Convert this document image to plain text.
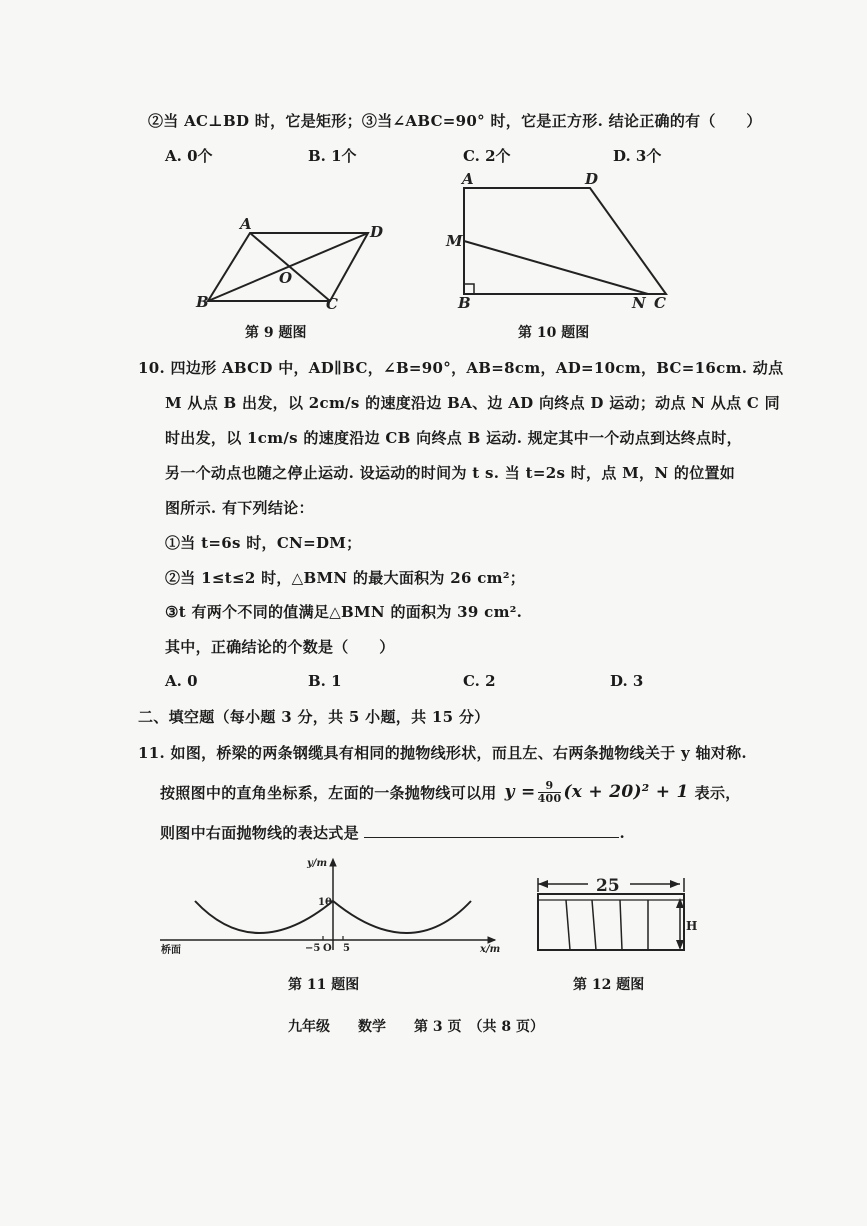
②当 AC⊥BD 时，它是矩形；③当∠ABC=90° 时，它是正方形. 结论正确的有（　　）
A. 0个	B. 1个	C. 2个	D. 3个
A	D
B	C
O
第 9 题图
A	D
M
B	N C
第 10 题图
10. 四边形 ABCD 中，AD∥BC，∠B=90°，AB=8cm，AD=10cm，BC=16cm. 动点
M 从点 B 出发，以 2cm/s 的速度沿边 BA、边 AD 向终点 D 运动；动点 N 从点 C 同
时出发，以 1cm/s 的速度沿边 CB 向终点 B 运动. 规定其中一个动点到达终点时，
另一个动点也随之停止运动. 设运动的时间为 t s. 当 t=2s 时，点 M，N 的位置如
图所示. 有下列结论：
①当 t=6s 时，CN=DM；
②当 1≤t≤2 时，△BMN 的最大面积为 26 cm²；
③t 有两个不同的值满足△BMN 的面积为 39 cm².
其中，正确结论的个数是（　　）
A. 0	B. 1	C. 2	D. 3
二、填空题（每小题 3 分，共 5 小题，共 15 分）
11. 如图，桥梁的两条钢缆具有相同的抛物线形状，而且左、右两条抛物线关于 y 轴对称.
按照图中的直角坐标系，左面的一条抛物线可以用 $y = \frac{9}{400} (x + 20)^2 + 1$ 表示，
则图中右面抛物线的表达式是	.
y/m
x/m
桥面
10
−5 O 5
第 11 题图
25
H
第 12 题图
九年级　　数学　　第 3 页　（共 8 页）
